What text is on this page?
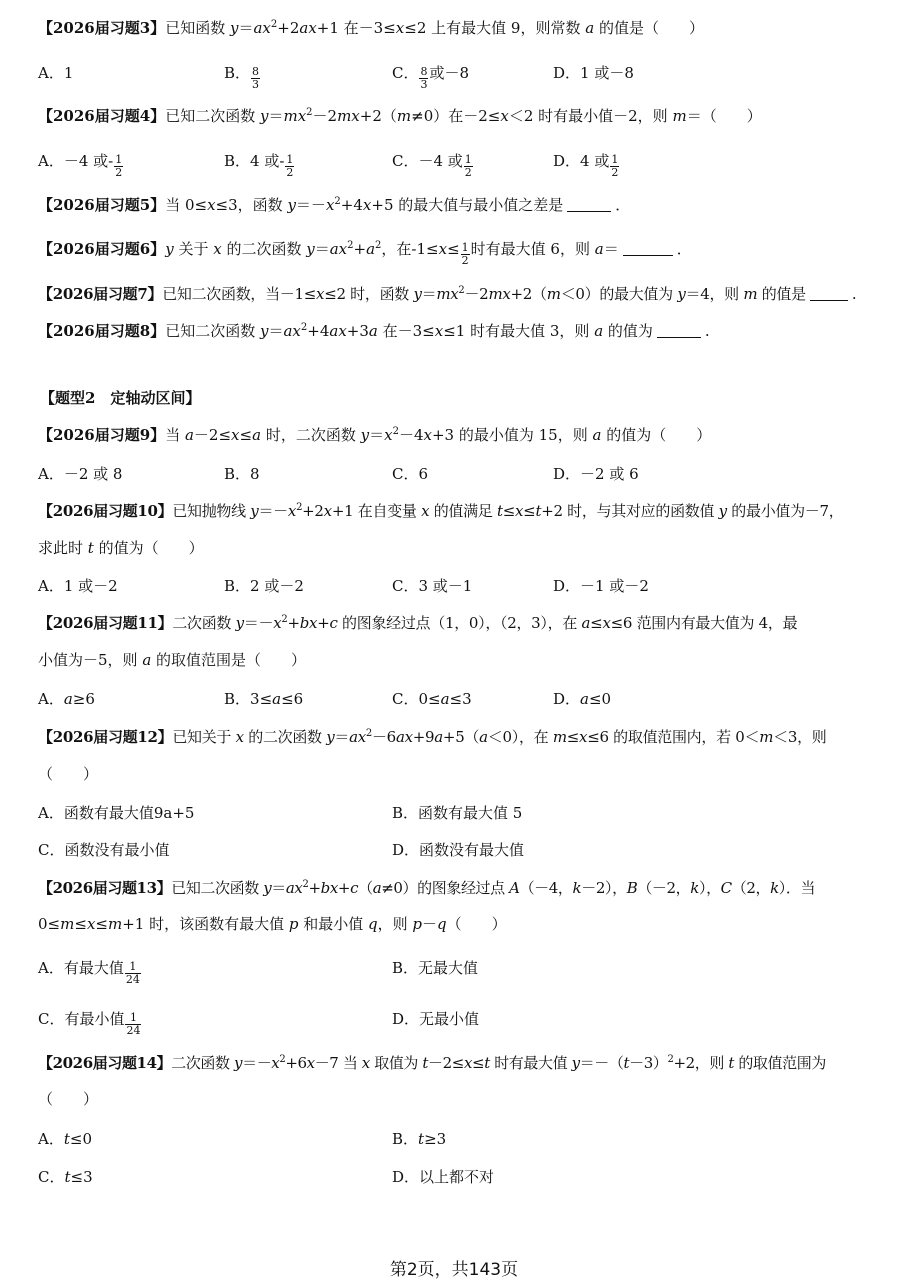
【2026届习题3】已知函数 $y=ax^2+2ax+1$ 在－3≤x≤2 上有最大值 9，则常数 a 的值是（　　）
A．1	B． $\frac{8}{3}$	C． $\frac{8}{3}$ 或－8	D．1 或－8
【2026届习题4】已知二次函数 $y=mx^2-2mx+2(m\ne 0)$在－2≤x＜2 时有最小值－2，则 m＝（　　）
A．－4 或- $\frac{1}{2}$	B．4 或- $\frac{1}{2}$	C．－4 或 $\frac{1}{2}$	D．4 或 $\frac{1}{2}$
【2026届习题5】当 0≤x≤3，函数 $y=-x^2+4x+5$ 的最大值与最小值之差是	．
【2026届习题6】y 关于 x 的二次函数 $y=ax^2+a^2$，在$-1\le x\le \frac{1}{2}$ 时有最大值 6，则 a＝	．
【2026届习题7】已知二次函数，当－1≤x≤2 时，函数 $y=mx^2-2mx+2(m<0)$的最大值为 y＝4，则 m 的值是	.
【2026届习题8】已知二次函数 $y=ax^2+4ax+3a$ 在－3≤x≤1 时有最大值 3，则 a 的值为	.
【题型2　定轴动区间】
【2026届习题9】当 a－2≤x≤a 时，二次函数 $y=x^2-4x+3$ 的最小值为 15，则 a 的值为（　　）
A．－2 或 8	B．8	C．6	D．－2 或 6
【2026届习题10】已知抛物线 $y=-x^2+2x+1$ 在自变量 x 的值满足 t≤x≤t+2 时，与其对应的函数值 y 的最小值为－7，
求此时 t 的值为（　　）
A．1 或－2	B．2 或－2	C．3 或－1	D．－1 或－2
【2026届习题11】二次函数 $y=-x^2+bx+c$ 的图象经过点（1，0），（2，3），在 a≤x≤6 范围内有最大值为 4，最
小值为－5，则 a 的取值范围是（　　）
A．a≥6	B．3≤a≤6	C．0≤a≤3	D．a≤0
【2026届习题12】已知关于 x 的二次函数 $y=ax^2-6ax+9a+5(a<0)$，在 m≤x≤6 的取值范围内，若 0＜m＜3，则
（　　）
A．函数有最大值9a+5	B．函数有最大值 5
C．函数没有最小值	D．函数没有最大值
【2026届习题13】已知二次函数 $y=ax^2+bx+c(a\ne 0)$的图象经过点 A（－4，k－2），B（－2，k），C（2，k）．当
0≤m≤x≤m+1 时，该函数有最大值 p 和最小值 q，则 p－q（　　）
A．有最大值 $\frac{1}{24}$	B．无最大值
C．有最小值 $\frac{1}{24}$	D．无最小值
【2026届习题14】二次函数 $y=-x^2+6x-7$ 当 x 取值为 t－2≤x≤t 时有最大值 $y=-(t-3)^2+2$，则 t 的取值范围为
（　　）
A．t≤0	B．t≥3
C．t≤3	D．以上都不对
第2页，共143页
